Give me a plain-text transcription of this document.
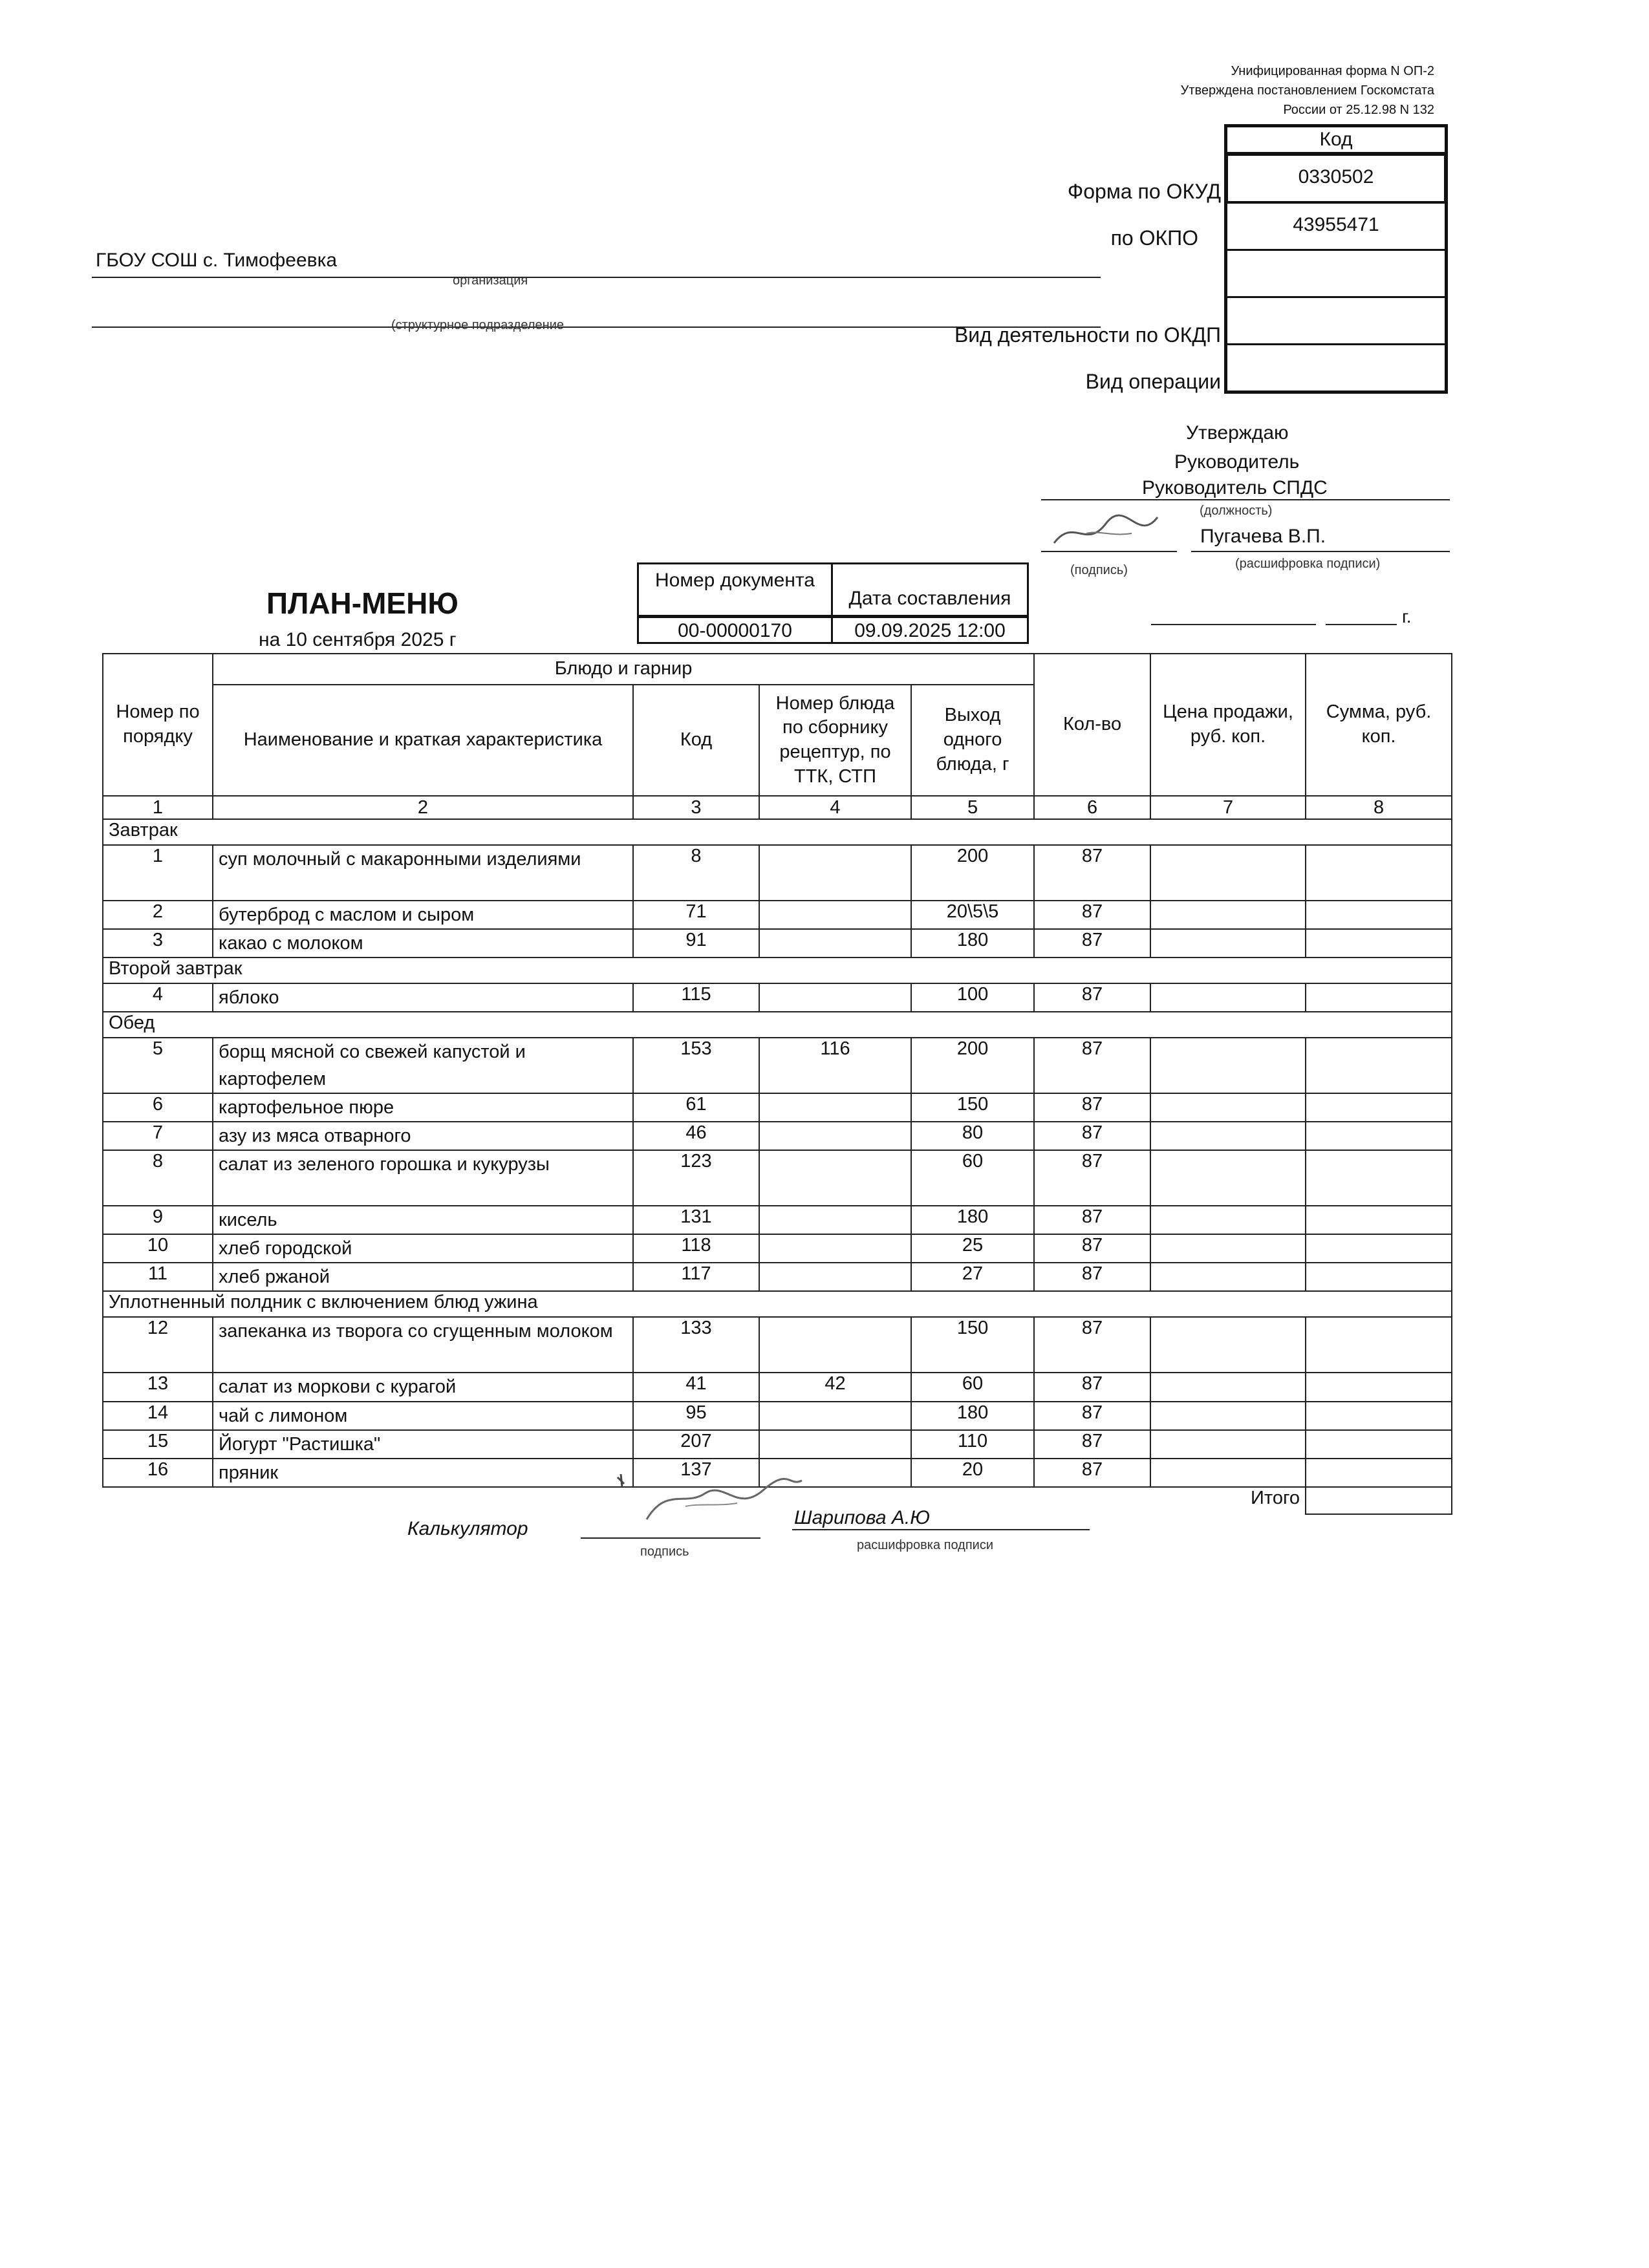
Унифицированная форма N ОП-2
Утверждена постановлением Госкомстата
России от 25.12.98 N 132
Код
0330502
43955471
Форма по ОКУД
по ОКПО
Вид деятельности по ОКДП
Вид операции
ГБОУ СОШ с. Тимофеевка
организация
(структурное подразделение
Утверждаю
Руководитель
Руководитель СПДС
(должность)
Пугачева В.П.
(подпись)	(расшифровка подписи)
г.
ПЛАН-МЕНЮ
на 10 сентября 2025 г
Номер документа
Дата составления
00-00000170	09.09.2025 12:00
Номер по порядку	Блюдо и гарнир				Кол-во	Цена продажи, руб. коп.	Сумма, руб. коп.
	Наименование и краткая характеристика	Код	Номер блюда по сборнику рецептур, по ТТК, СТП	Выход одного блюда, г			
1	2	3	4	5	6	7	8
Завтрак							
1	суп молочный с макаронными изделиями	8		200	87		
2	бутерброд с маслом и сыром	71		20\5\5	87		
3	какао с молоком	91		180	87		
Второй завтрак							
4	яблоко	115		100	87		
Обед							
5	борщ мясной со свежей капустой и картофелем	153	116	200	87		
6	картофельное пюре	61		150	87		
7	азу из мяса отварного	46		80	87		
8	салат из зеленого горошка и кукурузы	123		60	87		
9	кисель	131		180	87		
10	хлеб городской	118		25	87		
11	хлеб ржаной	117		27	87		
Уплотненный полдник с включением блюд ужина							
12	запеканка из творога со сгущенным молоком	133		150	87		
13	салат из моркови с курагой	41	42	60	87		
14	чай с лимоном	95		180	87		
15	Йогурт "Растишка"	207		110	87		
16	пряник	137		20	87		
Итого							
Калькулятор
подпись
Шарипова А.Ю
расшифровка подписи
